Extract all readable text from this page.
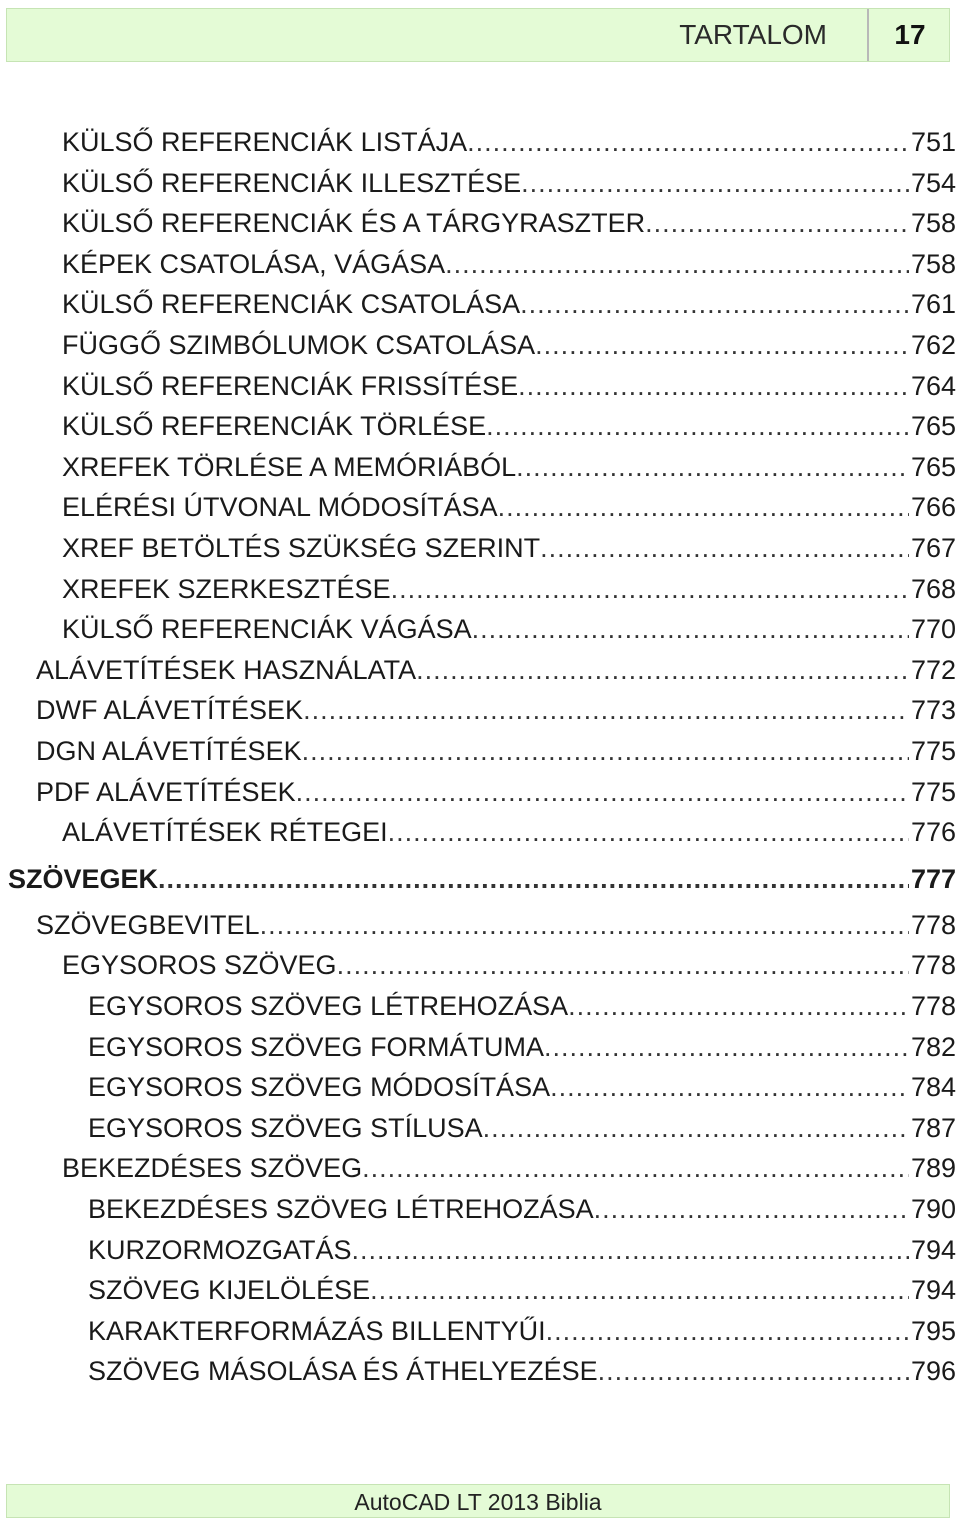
TARTALOM	17
KÜLSŐ REFERENCIÁK LISTÁJA .....	751
KÜLSŐ REFERENCIÁK ILLESZTÉSE .....	754
KÜLSŐ REFERENCIÁK ÉS A TÁRGYRASZTER .....	758
KÉPEK CSATOLÁSA, VÁGÁSA .....	758
KÜLSŐ REFERENCIÁK CSATOLÁSA .....	761
FÜGGŐ SZIMBÓLUMOK CSATOLÁSA .....	762
KÜLSŐ REFERENCIÁK FRISSÍTÉSE .....	764
KÜLSŐ REFERENCIÁK TÖRLÉSE .....	765
XREFEK TÖRLÉSE A MEMÓRIÁBÓL .....	765
ELÉRÉSI ÚTVONAL MÓDOSÍTÁSA .....	766
XREF BETÖLTÉS SZÜKSÉG SZERINT .....	767
XREFEK SZERKESZTÉSE .....	768
KÜLSŐ REFERENCIÁK VÁGÁSA .....	770
ALÁVETÍTÉSEK HASZNÁLATA .....	772
DWF ALÁVETÍTÉSEK .....	773
DGN ALÁVETÍTÉSEK .....	775
PDF ALÁVETÍTÉSEK .....	775
ALÁVETÍTÉSEK RÉTEGEI .....	776
SZÖVEGEK .....	777
SZÖVEGBEVITEL .....	778
EGYSOROS SZÖVEG .....	778
EGYSOROS SZÖVEG LÉTREHOZÁSA .....	778
EGYSOROS SZÖVEG FORMÁTUMA .....	782
EGYSOROS SZÖVEG MÓDOSÍTÁSA .....	784
EGYSOROS SZÖVEG STÍLUSA .....	787
BEKEZDÉSES SZÖVEG .....	789
BEKEZDÉSES SZÖVEG LÉTREHOZÁSA .....	790
KURZORMOZGATÁS .....	794
SZÖVEG KIJELÖLÉSE .....	794
KARAKTERFORMÁZÁS BILLENTYŰI .....	795
SZÖVEG MÁSOLÁSA ÉS ÁTHELYEZÉSE .....	796
AutoCAD LT 2013 Biblia
